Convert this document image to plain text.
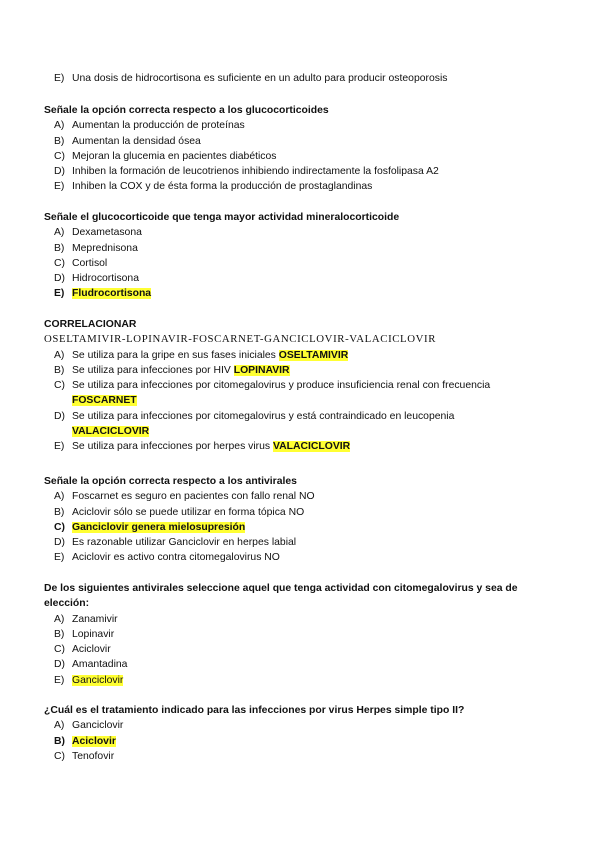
E) Una dosis de hidrocortisona es suficiente en un adulto para producir osteoporosis

Señale la opción correcta respecto a los glucocorticoides

A) Aumentan la producción de proteínas

B) Aumentan la densidad ósea

C) Mejoran la glucemia en pacientes diabéticos

D) Inhiben la formación de leucotrienos inhibiendo indirectamente la fosfolipasa A2

E) Inhiben la COX y de ésta forma la producción de prostaglandinas

Señale el glucocorticoide que tenga mayor actividad mineralocorticoide

A) Dexametasona

B) Meprednisona

C) Cortisol

D) Hidrocortisona

E) Fludrocortisona

CORRELACIONAR

OSELTAMIVIR-LOPINAVIR-FOSCARNET-GANCICLOVIR-VALACICLOVIR

A) Se utiliza para la gripe en sus fases iniciales OSELTAMIVIR

B) Se utiliza para infecciones por HIV LOPINAVIR

C) Se utiliza para infecciones por citomegalovirus y produce insuficiencia renal con frecuencia FOSCARNET

D) Se utiliza para infecciones por citomegalovirus y está contraindicado en leucopenia VALACICLOVIR

E) Se utiliza para infecciones por herpes virus VALACICLOVIR

Señale la opción correcta respecto a los antivirales

A) Foscarnet es seguro en pacientes con fallo renal NO

B) Aciclovir sólo se puede utilizar en forma tópica NO

C) Ganciclovir genera mielosupresión

D) Es razonable utilizar Ganciclovir en herpes labial

E) Aciclovir es activo contra citomegalovirus NO

De los siguientes antivirales seleccione aquel que tenga actividad con citomegalovirus y sea de elección:

A) Zanamivir

B) Lopinavir

C) Aciclovir

D) Amantadina

E) Ganciclovir

¿Cuál es el tratamiento indicado para las infecciones por virus Herpes simple tipo II?

A) Ganciclovir

B) Aciclovir

C) Tenofovir
